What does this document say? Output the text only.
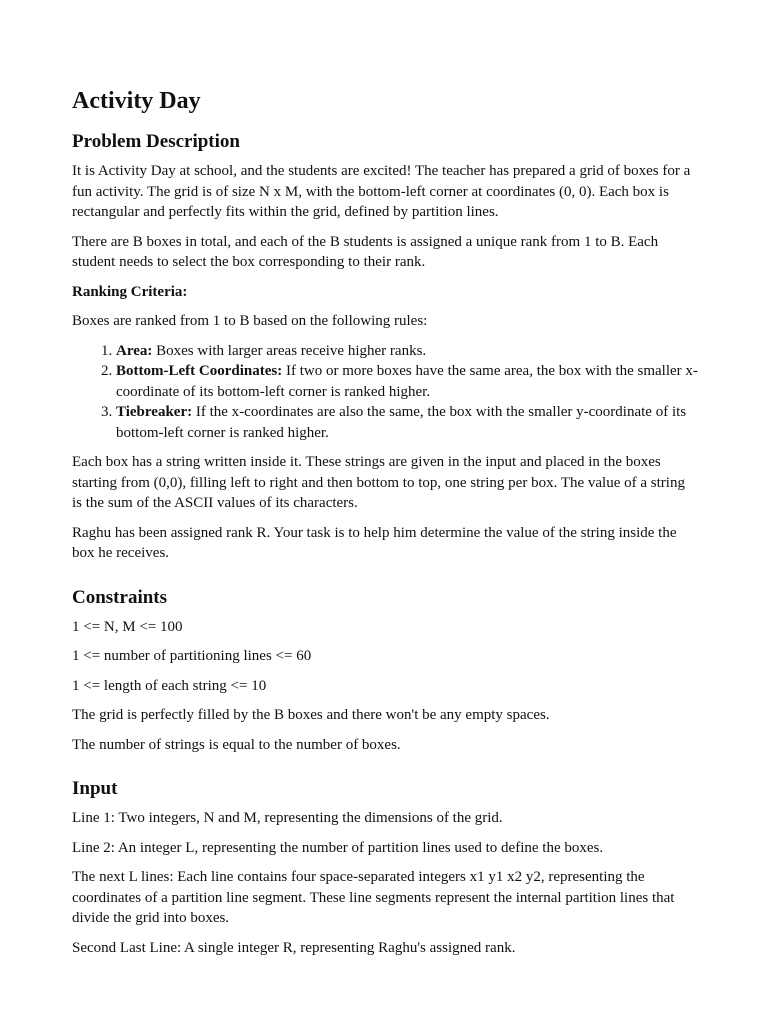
Activity Day
Problem Description

It is Activity Day at school, and the students are excited! The teacher has prepared a grid of boxes for a fun activity. The grid is of size N x M, with the bottom-left corner at coordinates (0, 0). Each box is rectangular and perfectly fits within the grid, defined by partition lines.

There are B boxes in total, and each of the B students is assigned a unique rank from 1 to B. Each student needs to select the box corresponding to their rank.

Ranking Criteria:

Boxes are ranked from 1 to B based on the following rules:

1. Area: Boxes with larger areas receive higher ranks.
2. Bottom-Left Coordinates: If two or more boxes have the same area, the box with the smaller x-coordinate of its bottom-left corner is ranked higher.
3. Tiebreaker: If the x-coordinates are also the same, the box with the smaller y-coordinate of its bottom-left corner is ranked higher.

Each box has a string written inside it. These strings are given in the input and placed in the boxes starting from (0,0), filling left to right and then bottom to top, one string per box. The value of a string is the sum of the ASCII values of its characters.

Raghu has been assigned rank R. Your task is to help him determine the value of the string inside the box he receives.

Constraints

1 <= N, M <= 100

1 <= number of partitioning lines <= 60

1 <= length of each string <= 10

The grid is perfectly filled by the B boxes and there won't be any empty spaces.

The number of strings is equal to the number of boxes.

Input

Line 1: Two integers, N and M, representing the dimensions of the grid.

Line 2: An integer L, representing the number of partition lines used to define the boxes.

The next L lines: Each line contains four space-separated integers x1 y1 x2 y2, representing the coordinates of a partition line segment. These line segments represent the internal partition lines that divide the grid into boxes.

Second Last Line: A single integer R, representing Raghu's assigned rank.
